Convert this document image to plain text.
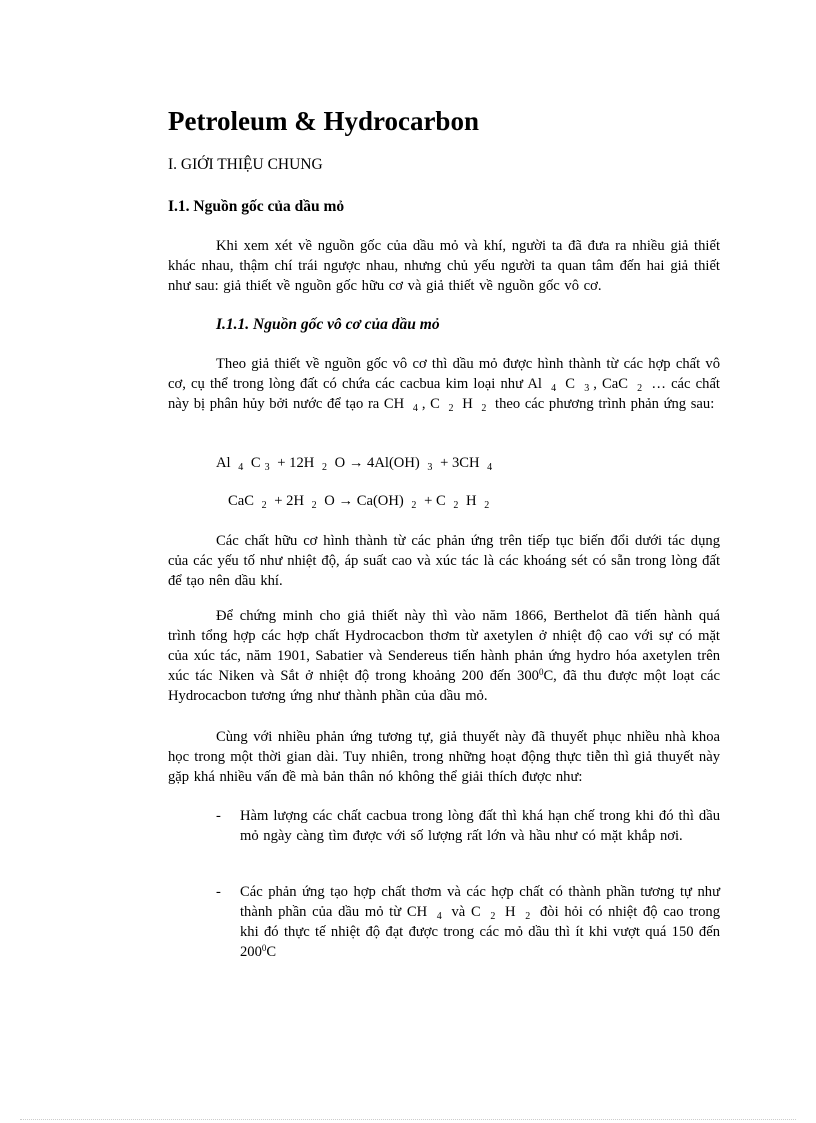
Petroleum & Hydrocarbon

I. GIỚI THIỆU CHUNG

I.1. Nguồn gốc của dầu mỏ

Khi xem xét về nguồn gốc của dầu mỏ và khí, người ta đã đưa ra nhiều giả thiết khác nhau, thậm chí trái ngược nhau, nhưng chủ yếu người ta quan tâm đến hai giả thiết như sau: giả thiết về nguồn gốc hữu cơ và giả thiết về nguồn gốc vô cơ.

I.1.1. Nguồn gốc vô cơ của dầu mỏ

Theo giả thiết về nguồn gốc vô cơ thì dầu mỏ được hình thành từ các hợp chất vô cơ, cụ thể trong lòng đất có chứa các cacbua kim loại như Al $_4$ C $_3$ , CaC $_2$ … các chất này bị phân hủy bởi nước để tạo ra CH $_4$ , C $_2$ H $_2$ theo các phương trình phản ứng sau:

Al $_4$ C $_3$ + 12H $_2$ O → 4Al(OH) $_3$ + 3CH $_4$

CaC $_2$ + 2H $_2$ O → Ca(OH) $_2$ + C $_2$ H $_2$

Các chất hữu cơ hình thành từ các phản ứng trên tiếp tục biến đổi dưới tác dụng của các yếu tố như nhiệt độ, áp suất cao và xúc tác là các khoáng sét có sẵn trong lòng đất để tạo nên dầu khí.

Để chứng minh cho giả thiết này thì vào năm 1866, Berthelot đã tiến hành quá trình tổng hợp các hợp chất Hydrocacbon thơm từ axetylen ở nhiệt độ cao với sự có mặt của xúc tác, năm 1901, Sabatier và Sendereus tiến hành phản ứng hydro hóa axetylen trên xúc tác Niken và Sắt ở nhiệt độ trong khoảng 200 đến $300^0C$, đã thu được một loạt các Hydrocacbon tương ứng như thành phần của dầu mỏ.

Cùng với nhiều phản ứng tương tự, giả thuyết này đã thuyết phục nhiều nhà khoa học trong một thời gian dài. Tuy nhiên, trong những hoạt động thực tiễn thì giả thuyết này gặp khá nhiều vấn đề mà bản thân nó không thể giải thích được như:

- Hàm lượng các chất cacbua trong lòng đất thì khá hạn chế trong khi đó thì dầu mỏ ngày càng tìm được với số lượng rất lớn và hầu như có mặt khắp nơi.

- Các phản ứng tạo hợp chất thơm và các hợp chất có thành phần tương tự như thành phần của dầu mỏ từ CH $_4$ và C $_2$ H $_2$ đòi hỏi có nhiệt độ cao trong khi đó thực tế nhiệt độ đạt được trong các mỏ dầu thì ít khi vượt quá 150 đến $200^0C$
